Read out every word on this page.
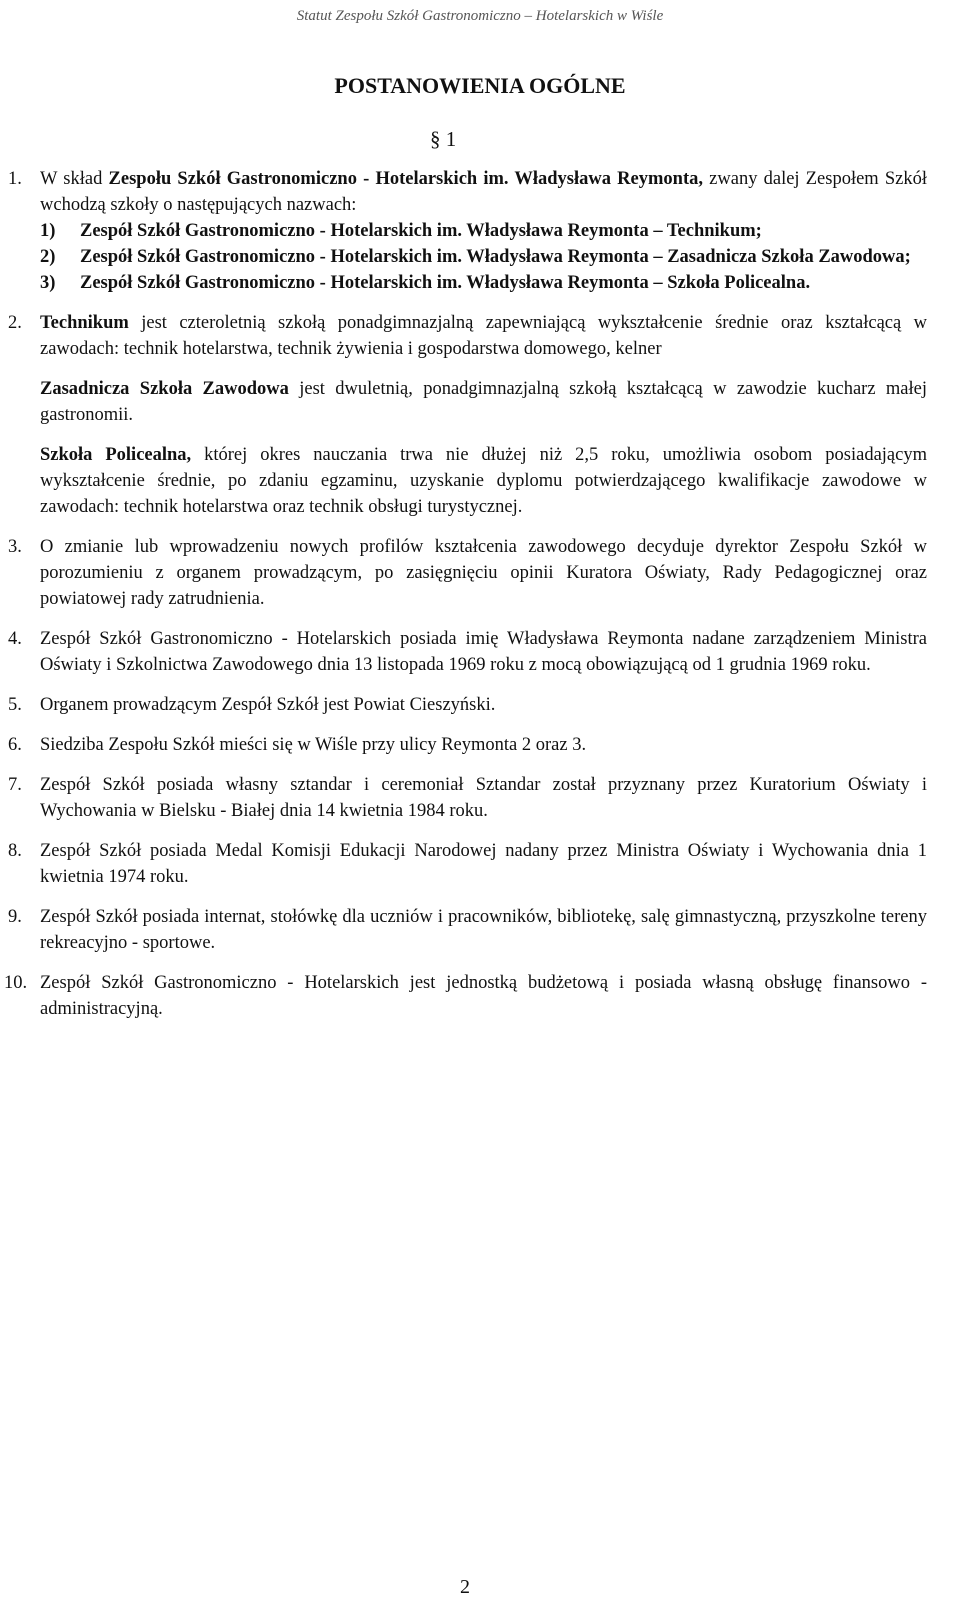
Statut Zespołu Szkół Gastronomiczno – Hotelarskich w Wiśle
POSTANOWIENIA OGÓLNE
§ 1
1. W skład Zespołu Szkół Gastronomiczno - Hotelarskich im. Władysława Reymonta, zwany dalej Zespołem Szkół wchodzą szkoły o następujących nazwach:
1) Zespół Szkół Gastronomiczno - Hotelarskich im. Władysława Reymonta – Technikum;
2) Zespół Szkół Gastronomiczno - Hotelarskich im. Władysława Reymonta – Zasadnicza Szkoła Zawodowa;
3) Zespół Szkół Gastronomiczno - Hotelarskich im. Władysława Reymonta – Szkoła Policealna.
2. Technikum jest czteroletnią szkołą ponadgimnazjalną zapewniającą wykształcenie średnie oraz kształcącą w zawodach: technik hotelarstwa, technik żywienia i gospodarstwa domowego, kelner

Zasadnicza Szkoła Zawodowa jest dwuletnią, ponadgimnazjalną szkołą kształcącą w zawodzie kucharz małej gastronomii.

Szkoła Policealna, której okres nauczania trwa nie dłużej niż 2,5 roku, umożliwia osobom posiadającym wykształcenie średnie, po zdaniu egzaminu, uzyskanie dyplomu potwierdzającego kwalifikacje zawodowe w zawodach: technik hotelarstwa oraz technik obsługi turystycznej.

3. O zmianie lub wprowadzeniu nowych profilów kształcenia zawodowego decyduje dyrektor Zespołu Szkół w porozumieniu z organem prowadzącym, po zasięgnięciu opinii Kuratora Oświaty, Rady Pedagogicznej oraz powiatowej rady zatrudnienia.
4. Zespół Szkół Gastronomiczno - Hotelarskich posiada imię Władysława Reymonta nadane zarządzeniem Ministra Oświaty i Szkolnictwa Zawodowego dnia 13 listopada 1969 roku z mocą obowiązującą od 1 grudnia 1969 roku.
5. Organem prowadzącym Zespół Szkół jest Powiat Cieszyński.
6. Siedziba Zespołu Szkół mieści się w Wiśle przy ulicy Reymonta 2 oraz 3.
7. Zespół Szkół posiada własny sztandar i ceremoniał Sztandar został przyznany przez Kuratorium Oświaty i Wychowania w Bielsku - Białej dnia 14 kwietnia 1984 roku.
8. Zespół Szkół posiada Medal Komisji Edukacji Narodowej nadany przez Ministra Oświaty i Wychowania dnia 1 kwietnia 1974 roku.
9. Zespół Szkół posiada internat, stołówkę dla uczniów i pracowników, bibliotekę, salę gimnastyczną, przyszkolne tereny rekreacyjno - sportowe.
10. Zespół Szkół Gastronomiczno - Hotelarskich jest jednostką budżetową i posiada własną obsługę finansowo - administracyjną.
2
